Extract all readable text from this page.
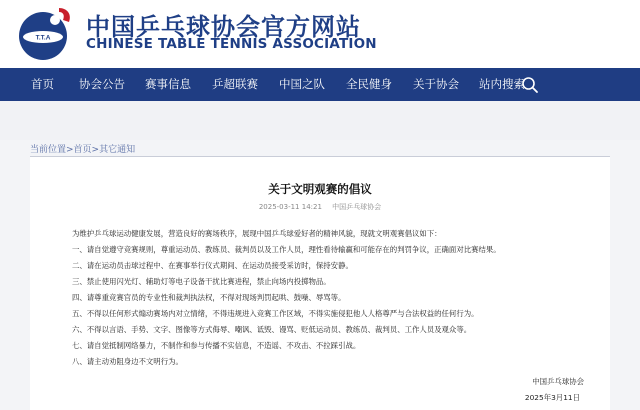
T.T.A 中国乒乓球协会官方网站
CHINESE TABLE TENNIS ASSOCIATION
首页 协会公告 赛事信息 乒超联赛 中国之队 全民健身 关于协会 站内搜索
当前位置>首页>其它通知
关于文明观赛的倡议
2025-03-11 14:21 中国乒乓球协会
为维护乒乓球运动健康发展，营造良好的赛场秩序，展现中国乒乓球爱好者的精神风貌，现就文明观赛倡议如下：
一、请自觉遵守竞赛规则，尊重运动员、教练员、裁判员以及工作人员，理性看待输赢和可能存在的判罚争议，正确面对比赛结果。
二、请在运动员击球过程中、在赛事举行仪式期间、在运动员接受采访时，保持安静。
三、禁止使用闪光灯、辅助灯等电子设备干扰比赛进程，禁止向场内投掷物品。
四、请尊重竞赛官员的专业性和裁判执法权，不得对现场判罚起哄、鼓噪、辱骂等。
五、不得以任何形式煽动赛场内对立情绪，不得违规进入竞赛工作区域，不得实施侵犯他人人格尊严与合法权益的任何行为。
六、不得以言语、手势、文字、图像等方式侮辱、嘲讽、诋毁、谩骂、贬低运动员、教练员、裁判员、工作人员及观众等。
七、请自觉抵制网络暴力，不制作和参与传播不实信息，不造谣、不攻击、不拉踩引战。
八、请主动劝阻身边不文明行为。
中国乒乓球协会
2025年3月11日
